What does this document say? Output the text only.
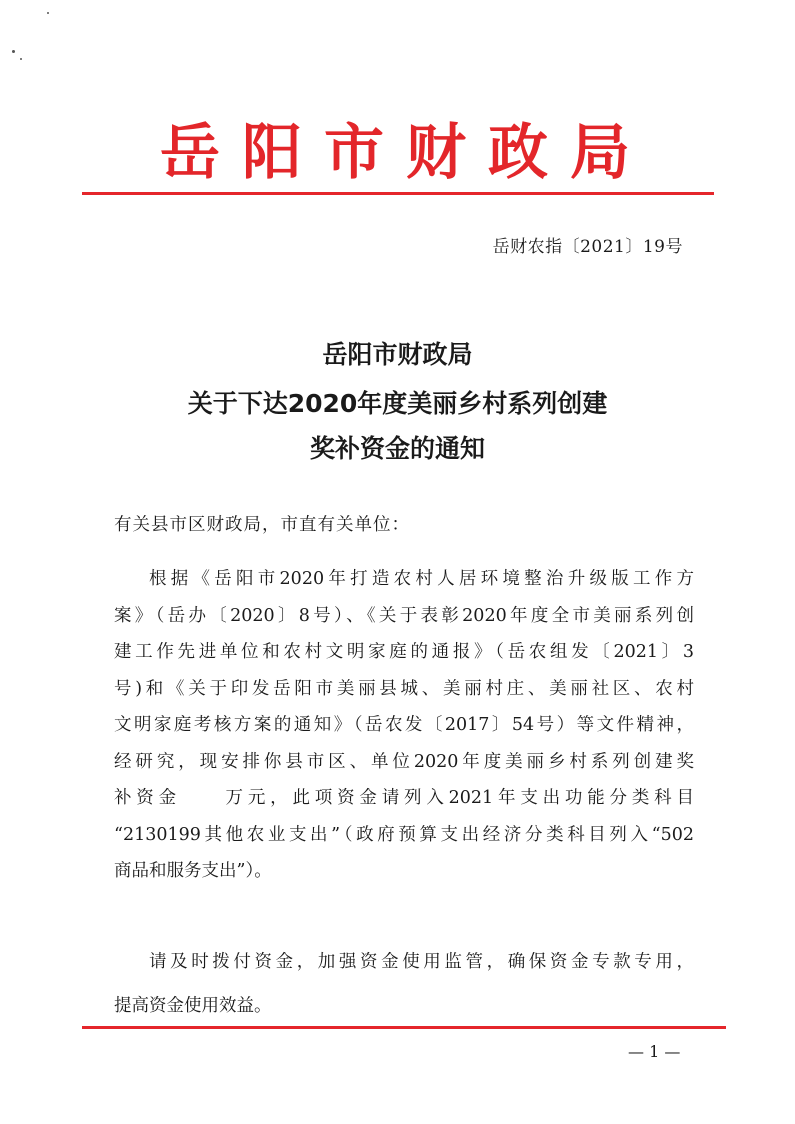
岳阳市财政局
岳财农指〔2021〕19号
岳阳市财政局
关于下达2020年度美丽乡村系列创建
奖补资金的通知
有关县市区财政局，市直有关单位：
根据《岳阳市2020年打造农村人居环境整治升级版工作方
案》（岳办〔2020〕8号）、《关于表彰2020年度全市美丽系列创
建工作先进单位和农村文明家庭的通报》（岳农组发〔2021〕3
号)和《关于印发岳阳市美丽县城、美丽村庄、美丽社区、农村
文明家庭考核方案的通知》（岳农发〔2017〕54号）等文件精神，
经研究，现安排你县市区、单位2020年度美丽乡村系列创建奖
补资金　　万元，此项资金请列入2021年支出功能分类科目
“2130199其他农业支出”（政府预算支出经济分类科目列入“502
商品和服务支出”）。
请及时拨付资金，加强资金使用监管，确保资金专款专用，
提高资金使用效益。
— 1 —
